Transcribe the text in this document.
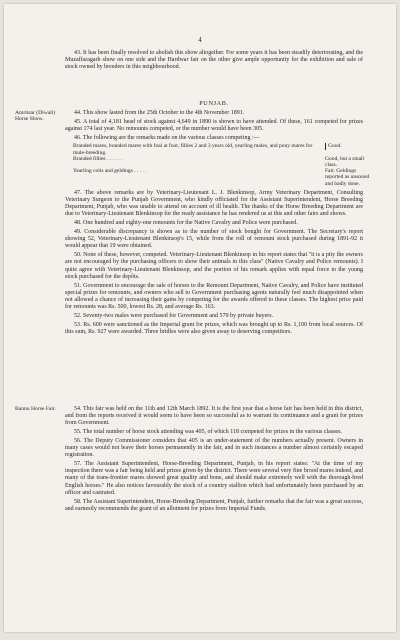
4

43. It has been finally resolved to abolish this show altogether. For some years it has been steadily deteriorating, and the Muzaffaragarh show on one side and the Hardwar fair on the other give ample opportunity for the exhibition and sale of stock owned by breeders in this neighbourhood.

PUNJAB.

Amritsar (Diwali) Horse Show.

44. This show lasted from the 25th October to the 4th November 1891.

45. A total of 4,181 head of stock against 4,649 in 1890 is shown to have attended. Of these, 161 competed for prizes against 174 last year. No remounts competed, or the number would have been 305.

46. The following are the remarks made on the various classes competing :—

Branded mares, branded mares with foal at foot, fillies 2 and 3 years old, yearling males, and pony mares for mule-breeding.	Good.
Branded fillies . . . . . .	Good, but a small class.
Yearling colts and geldings . . . . .	Fair. Geldings reported as unsound and badly done.

47. The above remarks are by Veterinary-Lieutenant L. J. Blenkinsop, Army Veterinary Department, Consulting Veterinary Surgeon to the Punjab Government, who kindly officiated for the Assistant Superintendent, Horse Breeding Department, Punjab, who was unable to attend on account of ill health. The thanks of the Horse Breeding Department are due to Veterinary-Lieutenant Blenkinsop for the ready assistance he has rendered us at this and other fairs and shows.

48. One hundred and eighty-one remounts for the Native Cavalry and Police were purchased.

49. Considerable discrepancy is shown as to the number of stock bought for Government. The Secretary's report showing 52, Veterinary-Lieutenant Blenkinsop's 15, while from the roll of remount stock purchased during 1891-92 it would appear that 19 were obtained.

50. None of these, however, competed. Veterinary-Lieutenant Blenkinsop in his report states that "it is a pity the owners are not encouraged by the purchasing officers to show their animals in this class" (Native Cavalry and Police remounts). I quite agree with Veterinary-Lieutenant Blenkinsop, and the portion of his remark applies with equal force to the young stock purchased for the depôts.

51. Government to encourage the sale of horses to the Remount Department, Native Cavalry, and Police have instituted special prizes for remounts, and owners who sell to Government purchasing agents naturally feel much disappointed when not allowed a chance of increasing their gains by competing for the awards offered to these classes. The highest price paid for remounts was Rs. 500, lowest Rs. 28, and average Rs. 163.

52. Seventy-two males were purchased for Government and 579 by private buyers.

53. Rs. 600 were sanctioned as the Imperial grant for prizes, which was brought up to Rs. 1,100 from local sources. Of this sum, Rs. 927 were awarded. Three bridles were also given away to deserving competitors.

Bannu Horse Fair.	54. This fair was held on the 11th and 12th March 1892. It is the first year that a horse fair has been held in this district, and from the reports received it would seem to have been so successful as to warrant its continuance and a grant for prizes from Government.

55. The total number of horse stock attending was 405, of which 118 competed for prizes in the various classes.

56. The Deputy Commissioner considers that 405 is an under-statement of the numbers actually present. Owners in many cases would not leave their horses permanently in the fair, and in such instances a number almost certainly escaped registration.

57. The Assistant Superintendent, Horse-Breeding Department, Punjab, in his report states: "At the time of my inspection there was a fair being held and prizes given by the district. There were several very fine brood mares indeed, and many of the trans-frontier mares showed great quality and bone, and should make extremely well with the thorough-bred English horses." He also notices favourably the stock of a country stallion which had unfortunately been purchased by an officer and castrated.

58. The Assistant Superintendent, Horse-Breeding Department, Punjab, further remarks that the fair was a great success, and earnestly recommends the grant of an allotment for prizes from Imperial Funds.
